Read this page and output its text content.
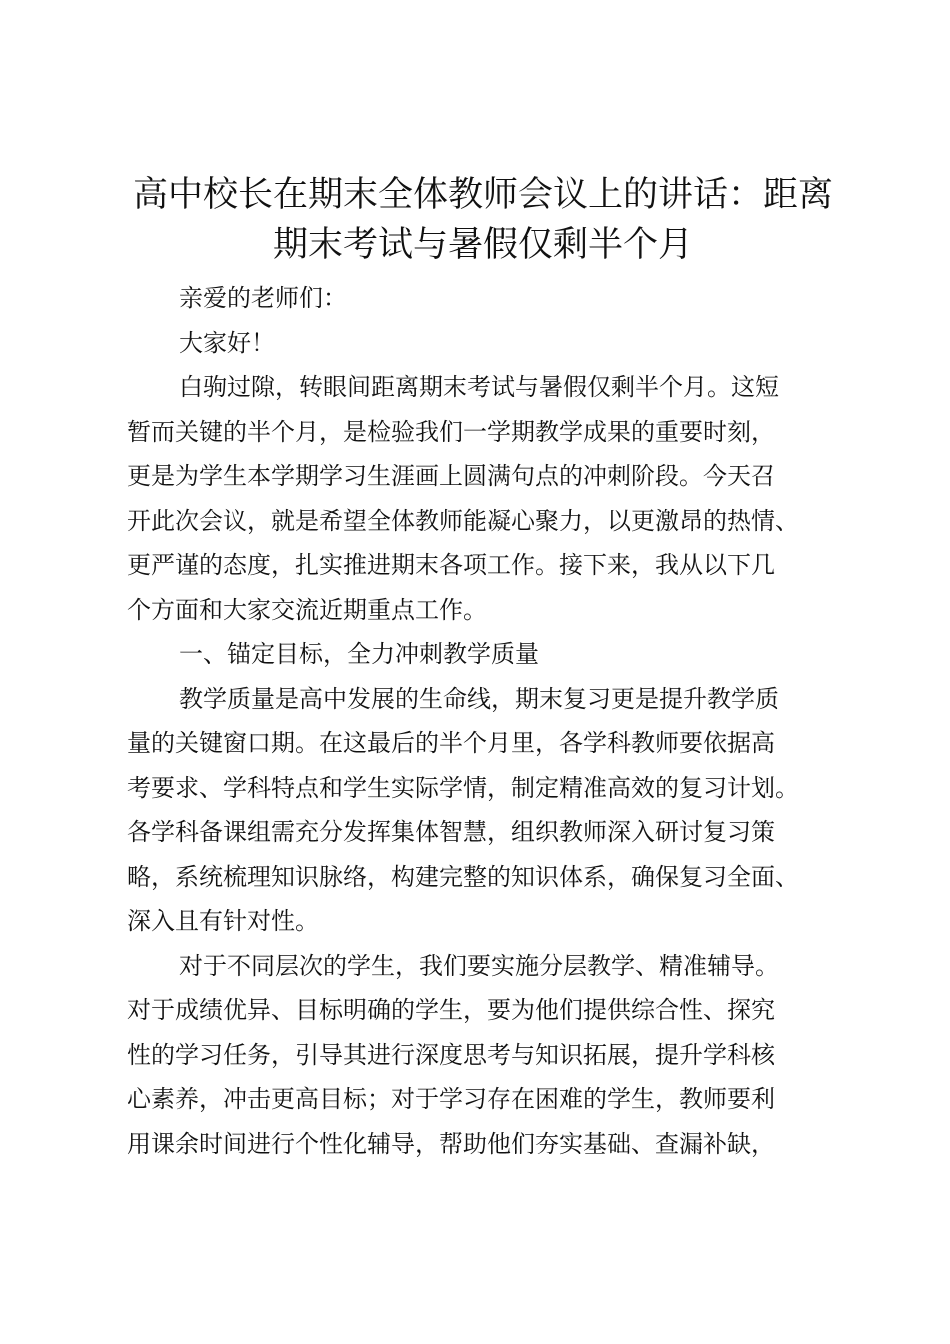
高中校长在期末全体教师会议上的讲话：距离
期末考试与暑假仅剩半个月
亲爱的老师们：
大家好！
白驹过隙，转眼间距离期末考试与暑假仅剩半个月。这短
暂而关键的半个月，是检验我们一学期教学成果的重要时刻，
更是为学生本学期学习生涯画上圆满句点的冲刺阶段。今天召
开此次会议，就是希望全体教师能凝心聚力，以更激昂的热情、
更严谨的态度，扎实推进期末各项工作。接下来，我从以下几
个方面和大家交流近期重点工作。
一、锚定目标，全力冲刺教学质量
教学质量是高中发展的生命线，期末复习更是提升教学质
量的关键窗口期。在这最后的半个月里，各学科教师要依据高
考要求、学科特点和学生实际学情，制定精准高效的复习计划。
各学科备课组需充分发挥集体智慧，组织教师深入研讨复习策
略，系统梳理知识脉络，构建完整的知识体系，确保复习全面、
深入且有针对性。
对于不同层次的学生，我们要实施分层教学、精准辅导。
对于成绩优异、目标明确的学生，要为他们提供综合性、探究
性的学习任务，引导其进行深度思考与知识拓展，提升学科核
心素养，冲击更高目标；对于学习存在困难的学生，教师要利
用课余时间进行个性化辅导，帮助他们夯实基础、查漏补缺，
